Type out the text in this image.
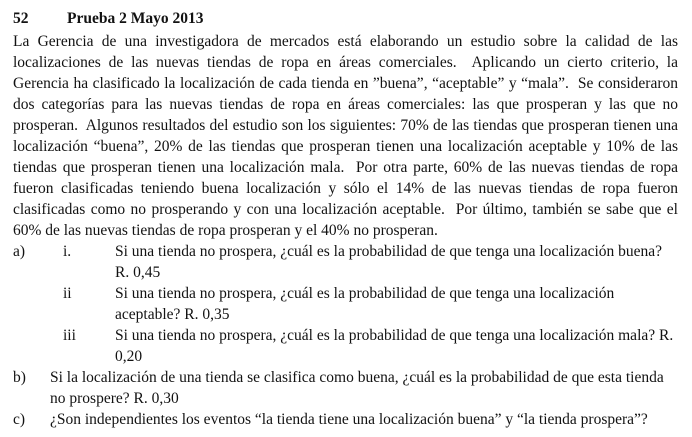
52	Prueba 2 Mayo 2013

La Gerencia de una investigadora de mercados está elaborando un estudio sobre la calidad de las localizaciones de las nuevas tiendas de ropa en áreas comerciales.  Aplicando un cierto criterio, la Gerencia ha clasificado la localización de cada tienda en ”buena”, “aceptable” y “mala”.  Se consideraron dos categorías para las nuevas tiendas de ropa en áreas comerciales: las que prosperan y las que no prosperan.  Algunos resultados del estudio son los siguientes: 70% de las tiendas que prosperan tienen una localización “buena”, 20% de las tiendas que prosperan tienen una localización aceptable y 10% de las tiendas que prosperan tienen una localización mala.  Por otra parte, 60% de las nuevas tiendas de ropa fueron clasificadas teniendo buena localización y sólo el 14% de las nuevas tiendas de ropa fueron clasificadas como no prosperando y con una localización aceptable.  Por último, también se sabe que el 60% de las nuevas tiendas de ropa prosperan y el 40% no prosperan.

a)	i.	Si una tienda no prospera, ¿cuál es la probabilidad de que tenga una localización buena? R. 0,45
ii	Si una tienda no prospera, ¿cuál es la probabilidad de que tenga una localización aceptable? R. 0,35
iii	Si una tienda no prospera, ¿cuál es la probabilidad de que tenga una localización mala? R. 0,20
b)	Si la localización de una tienda se clasifica como buena, ¿cuál es la probabilidad de que esta tienda no prospere? R. 0,30
c)	¿Son independientes los eventos “la tienda tiene una localización buena” y “la tienda prospera”?
